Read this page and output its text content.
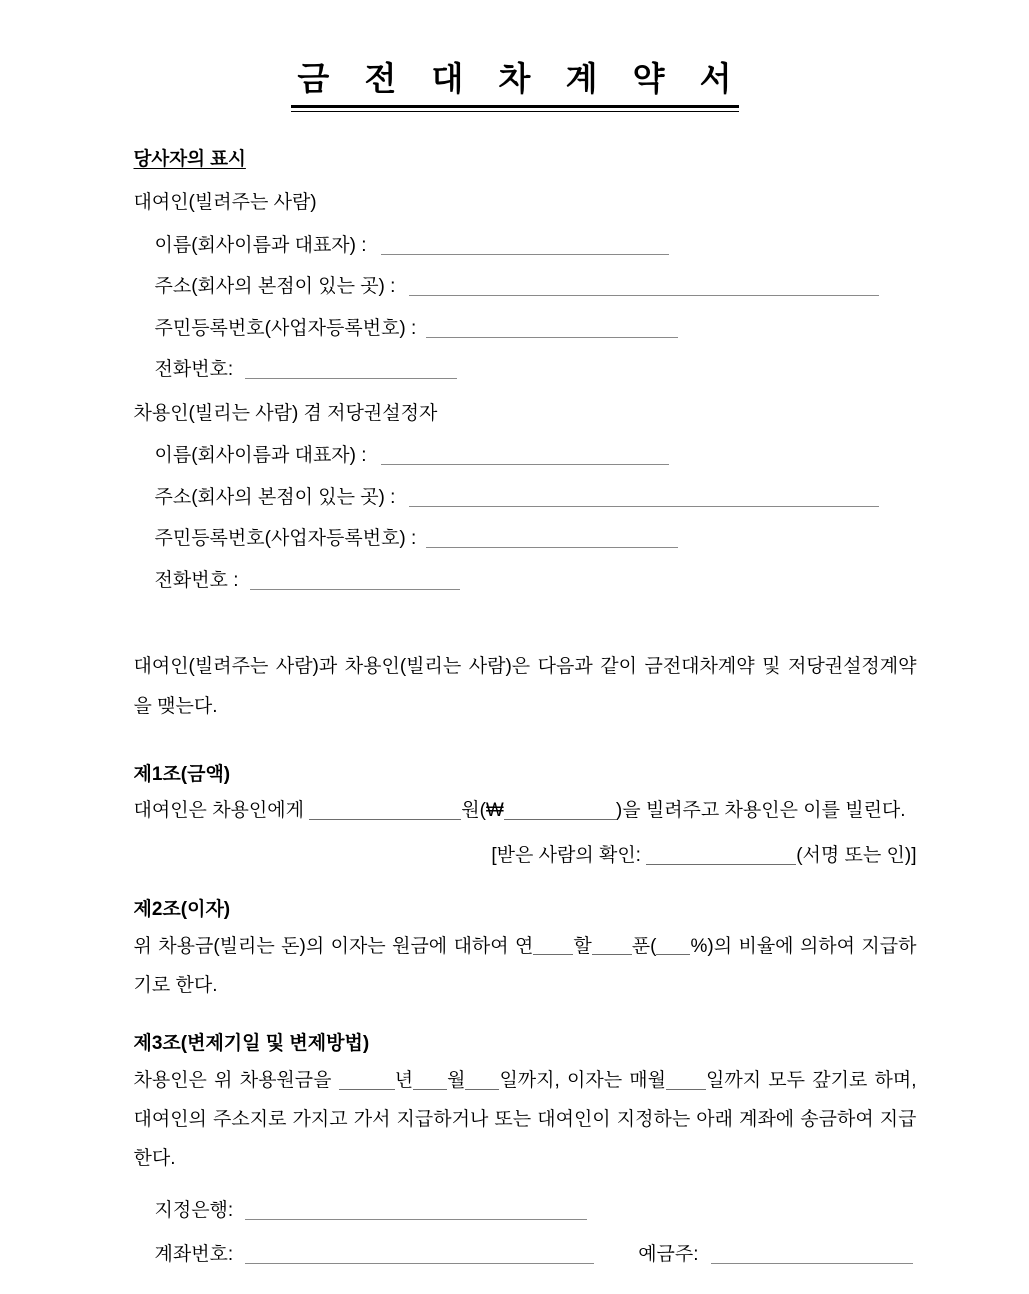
금 전 대 차 계 약 서
당사자의 표시
대여인(빌려주는 사람)
이름(회사이름과 대표자) :
주소(회사의 본점이 있는 곳) :
주민등록번호(사업자등록번호) :
전화번호:
차용인(빌리는 사람) 겸 저당권설정자
이름(회사이름과 대표자) :
주소(회사의 본점이 있는 곳) :
주민등록번호(사업자등록번호) :
전화번호 :

대여인(빌려주는 사람)과 차용인(빌리는 사람)은 다음과 같이 금전대차계약 및 저당권설정계약을 맺는다.

제1조(금액)

대여인은 차용인에게	원(₩	)을 빌려주고 차용인은 이를 빌린다.

[받은 사람의 확인:	(서명 또는 인)]
제2조(이자)

위 차용금(빌리는 돈)의 이자는 원금에 대하여 연 할 푼( %)의 비율에 의하여 지급하기로 한다.

제3조(변제기일 및 변제방법)

차용인은 위 차용원금을	년 월 일까지, 이자는 매월 일까지 모두 갚기로 하며, 대여인의 주소지로 가지고 가서 지급하거나 또는 대여인이 지정하는 아래 계좌에 송금하여 지급한다.

지정은행:
계좌번호:	예금주:
